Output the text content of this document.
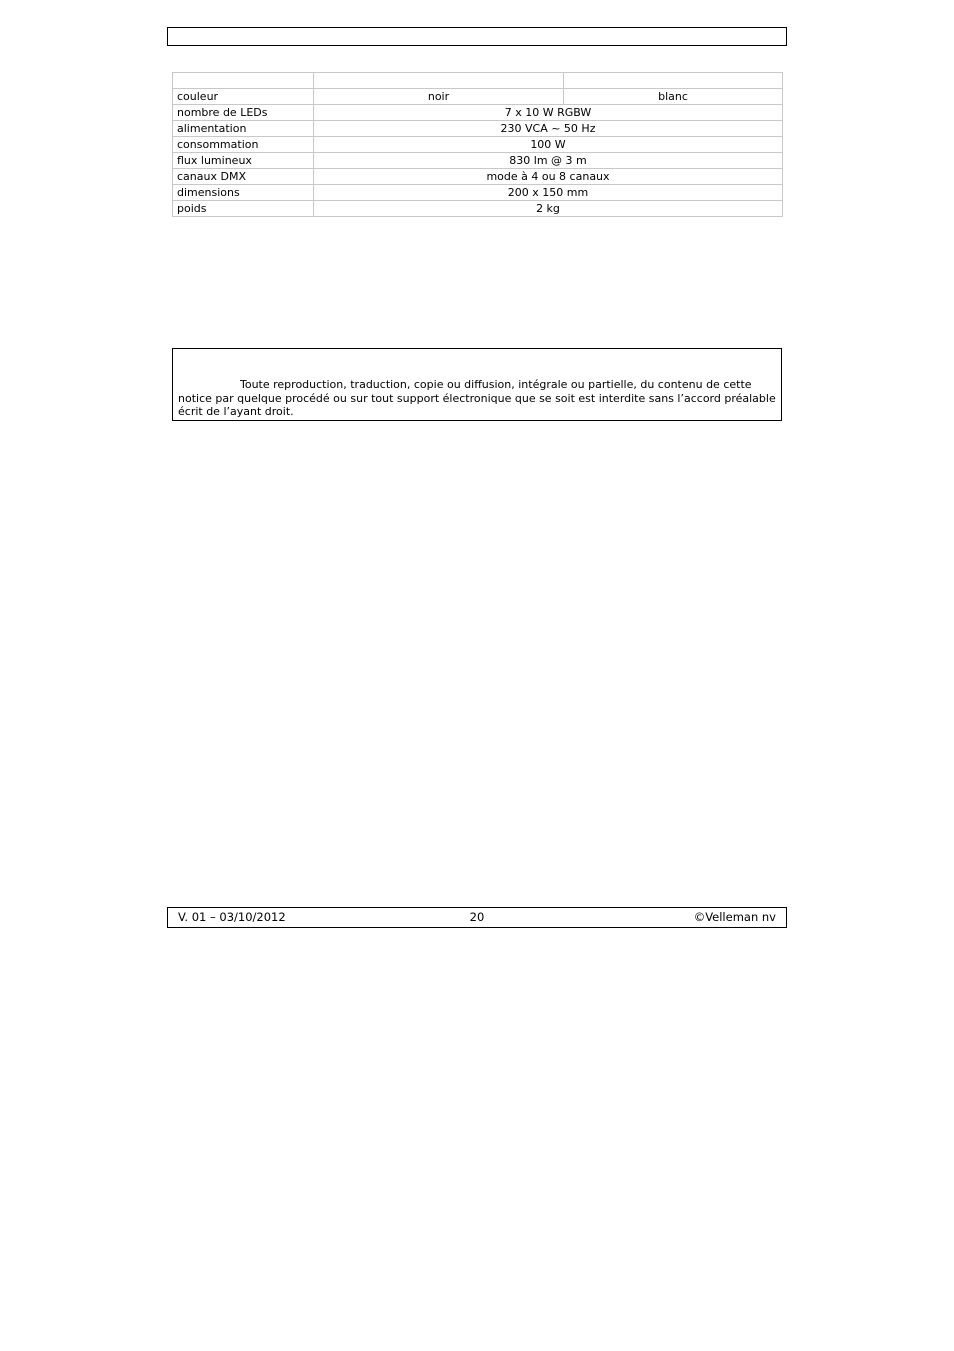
couleur	noir	blanc
nombre de LEDs	7 x 10 W RGBW	
alimentation	230 VCA ~ 50 Hz	
consommation	100 W	
flux lumineux	830 lm @ 3 m	
canaux DMX	mode à 4 ou 8 canaux	
dimensions	200 x 150 mm	
poids	2 kg	

Toute reproduction, traduction, copie ou diffusion, intégrale ou partielle, du contenu de cette notice par quelque procédé ou sur tout support électronique que se soit est interdite sans l’accord préalable écrit de l’ayant droit.

20
V. 01 – 03/10/2012	©Velleman nv
